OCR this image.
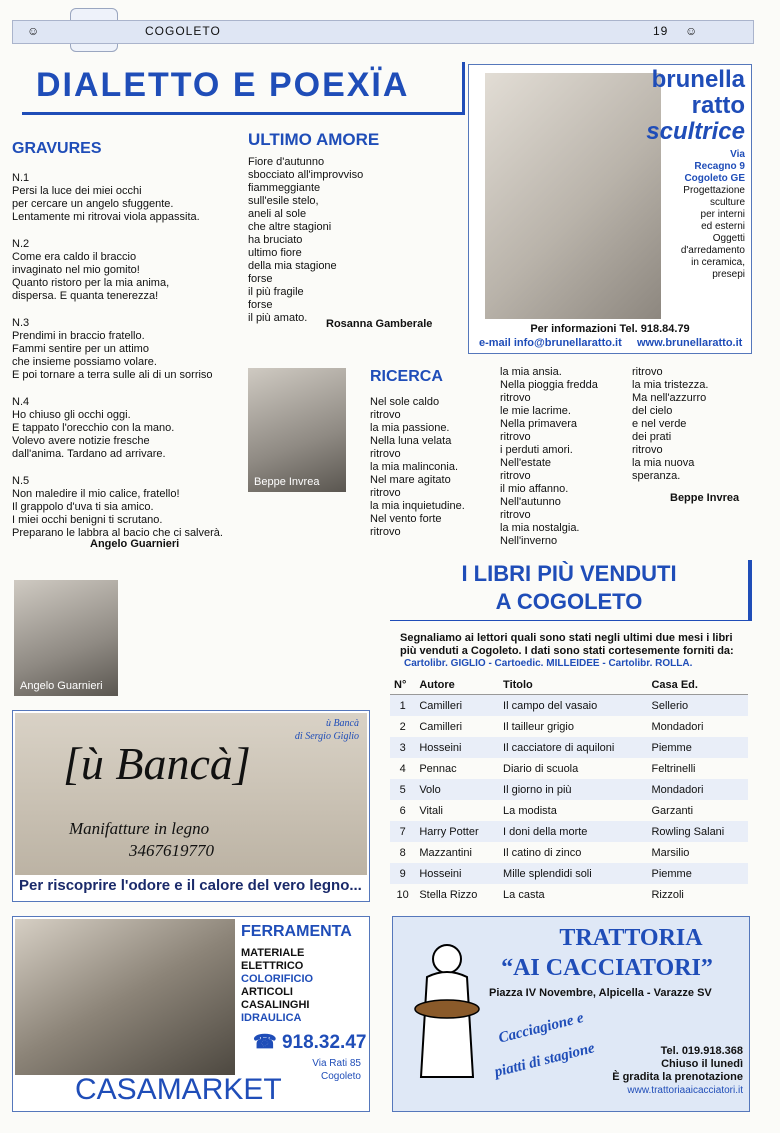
☺	COGOLETO	19 ☺
DIALETTO E POEXÏA
GRAVURES
N.1
Persi la luce dei miei occhi
per cercare un angelo sfuggente.
Lentamente mi ritrovai viola appassita.
N.2
Come era caldo il braccio
invaginato nel mio gomito!
Quanto ristoro per la mia anima,
dispersa. E quanta tenerezza!
N.3
Prendimi in braccio fratello.
Fammi sentire per un attimo
che insieme possiamo volare.
E poi tornare a terra sulle ali di un sorriso
N.4
Ho chiuso gli occhi oggi.
E tappato l'orecchio con la mano.
Volevo avere notizie fresche
dall'anima. Tardano ad arrivare.
N.5
Non maledire il mio calice, fratello!
Il grappolo d'uva ti sia amico.
I miei occhi benigni ti scrutano.
Preparano le labbra al bacio che ci salverà.
Angelo Guarnieri
Angelo Guarnieri
ULTIMO AMORE
Fiore d'autunno
sbocciato all'improvviso
fiammeggiante
sull'esile stelo,
aneli al sole
che altre stagioni
ha bruciato
ultimo fiore
della mia stagione
forse
il più fragile
forse
il più amato.	Rosanna Gamberale
Beppe Invrea
RICERCA
Nel sole caldo
ritrovo
la mia passione.
Nella luna velata
ritrovo
la mia malinconia.
Nel mare agitato
ritrovo
la mia inquietudine.
Nel vento forte
ritrovo
la mia ansia.
Nella pioggia fredda
ritrovo
le mie lacrime.
Nella primavera
ritrovo
i perduti amori.
Nell'estate
ritrovo
il mio affanno.
Nell'autunno
ritrovo
la mia nostalgia.
Nell'inverno
ritrovo
la mia tristezza.
Ma nell'azzurro
del cielo
e nel verde
dei prati
ritrovo
la mia nuova
speranza.
Beppe Invrea
brunella
ratto
scultrice
Via
Recagno 9
Cogoleto GE
Progettazione
sculture
per interni
ed esterni
Oggetti
d'arredamento
in ceramica,
presepi
Per informazioni Tel. 918.84.79
e-mail info@brunellaratto.it www.brunellaratto.it
I LIBRI PIÙ VENDUTI
A COGOLETO
Segnaliamo ai lettori quali sono stati negli ultimi due mesi i libri più venduti a Cogoleto. I dati sono stati cortesemente forniti da:
Cartolibr. GIGLIO - Cartoedic. MILLEIDEE - Cartolibr. ROLLA.
N°	Autore	Titolo	Casa Ed.
1	Camilleri	Il campo del vasaio	Sellerio
2	Camilleri	Il tailleur grigio	Mondadori
3	Hosseini	Il cacciatore di aquiloni	Piemme
4	Pennac	Diario di scuola	Feltrinelli
5	Volo	Il giorno in più	Mondadori
6	Vitali	La modista	Garzanti
7	Harry Potter	I doni della morte	Rowling Salani
8	Mazzantini	Il catino di zinco	Marsilio
9	Hosseini	Mille splendidi soli	Piemme
10	Stella Rizzo	La casta	Rizzoli
ù Bancà
di Sergio Giglio
[ù Bancà]
Manifatture in legno
3467619770
Per riscoprire l'odore e il calore del vero legno...
FERRAMENTA
MATERIALE
ELETTRICO
COLORIFICIO
ARTICOLI
CASALINGHI
IDRAULICA
☎ 918.32.47
Via Rati 85
Cogoleto
CASAMARKET
TRATTORIA
“AI CACCIATORI”
Piazza IV Novembre, Alpicella - Varazze SV
Cacciagione e
piatti di stagione	Tel. 019.918.368
Chiuso il lunedì
È gradita la prenotazione
www.trattoriaaicacciatori.it
